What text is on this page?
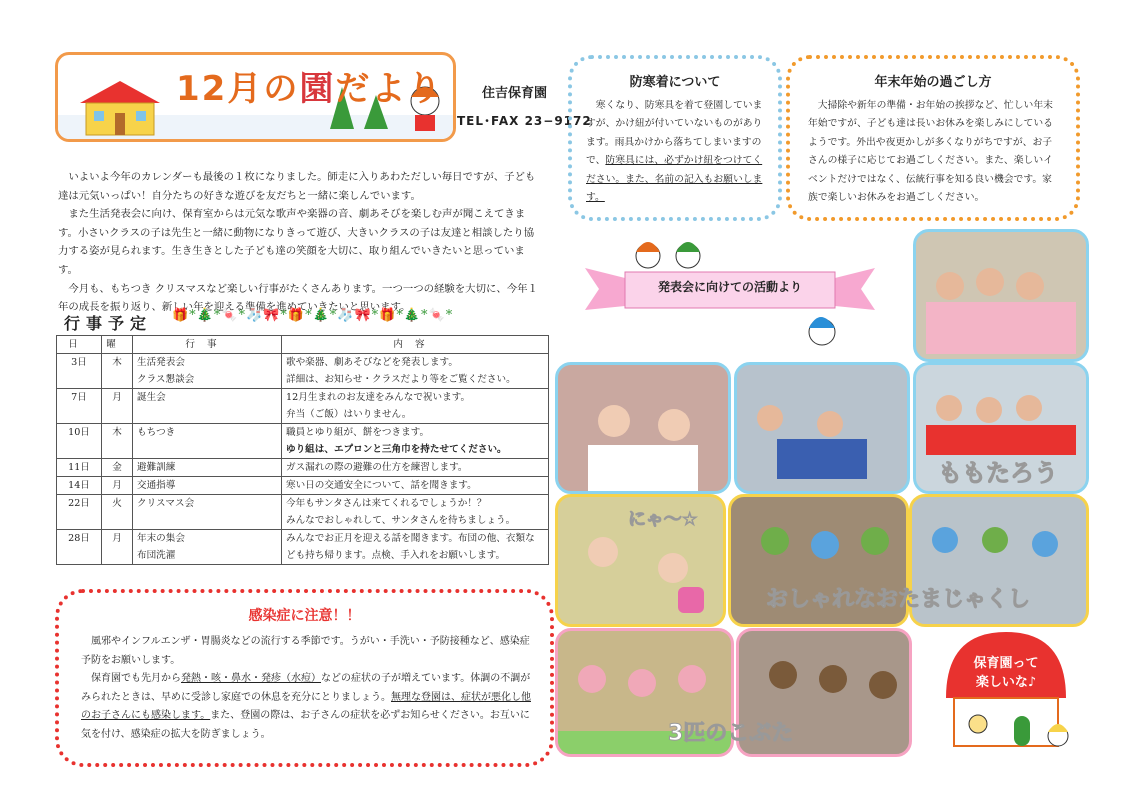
12月の園だより	住吉保育園
TEL･FAX 23−9172

いよいよ今年のカレンダーも最後の１枚になりました。師走に入りあわただしい毎日ですが、子ども達は元気いっぱい！自分たちの好きな遊びを友だちと一緒に楽しんでいます。

また生活発表会に向け、保育室からは元気な歌声や楽器の音、劇あそびを楽しむ声が聞こえてきます。小さいクラスの子は先生と一緒に動物になりきって遊び、大きいクラスの子は友達と相談したり協力する姿が見られます。生き生きとした子ども達の笑顔を大切に、取り組んでいきたいと思っています。

今月も、もちつき クリスマスなど楽しい行事がたくさんあります。一つ一つの経験を大切に、今年１年の成長を振り返り、新しい年を迎える準備を進めていきたいと思います。

行事予定 🎁*🎄*🍬*🧦🎀*🎁*🎄*🧦🎀*🎁*🎄*🍬*
日	曜	行事	内容
3日	木	生活発表会	歌や楽器、劇あそびなどを発表します。
		クラス懇談会	詳細は、お知らせ・クラスだより等をご覧ください。
7日	月	誕生会	12月生まれのお友達をみんなで祝います。
			弁当（ご飯）はいりません。
10日	木	もちつき	職員とゆり組が、餅をつきます。
			ゆり組は、エプロンと三角巾を持たせてください。
11日	金	避難訓練	ガス漏れの際の避難の仕方を練習します。
14日	月	交通指導	寒い日の交通安全について、話を聞きます。
22日	火	クリスマス会	今年もサンタさんは来てくれるでしょうか！？
			みんなでおしゃれして、サンタさんを待ちましょう。
28日	月	年末の集会	みんなでお正月を迎える話を聞きます。布団の他、衣類な
		布団洗濯	ども持ち帰ります。点検、手入れをお願いします。
感染症に注意！！

風邪やインフルエンザ・胃腸炎などの流行する季節です。うがい・手洗い・予防接種など、感染症予防をお願いします。

保育園でも先月から発熱・咳・鼻水・発疹（水痘）などの症状の子が増えています。体調の不調がみられたときは、早めに受診し家庭での休息を充分にとりましょう。無理な登園は、症状が悪化し他のお子さんにも感染します。また、登園の際は、お子さんの症状を必ずお知らせください。お互いに気を付け、感染症の拡大を防ぎましょう。

防寒着について

寒くなり、防寒具を着て登園していますが、かけ紐が付いていないものがあります。雨具かけから落ちてしまいますので、防寒具には、必ずかけ紐をつけてください。また、名前の記入もお願いします。

年末年始の過ごし方

大掃除や新年の準備・お年始の挨拶など、忙しい年末年始ですが、子ども達は長いお休みを楽しみにしているようです。外出や夜更かしが多くなりがちですが、お子さんの様子に応じてお過ごしください。また、楽しいイベントだけではなく、伝統行事を知る良い機会です。家族で楽しいお休みをお過ごしください。

発表会に向けての活動より
ももたろう
にゃ〜☆
おしゃれなおたまじゃくし
3匹のこぶた
保育園って
楽しいな♪
